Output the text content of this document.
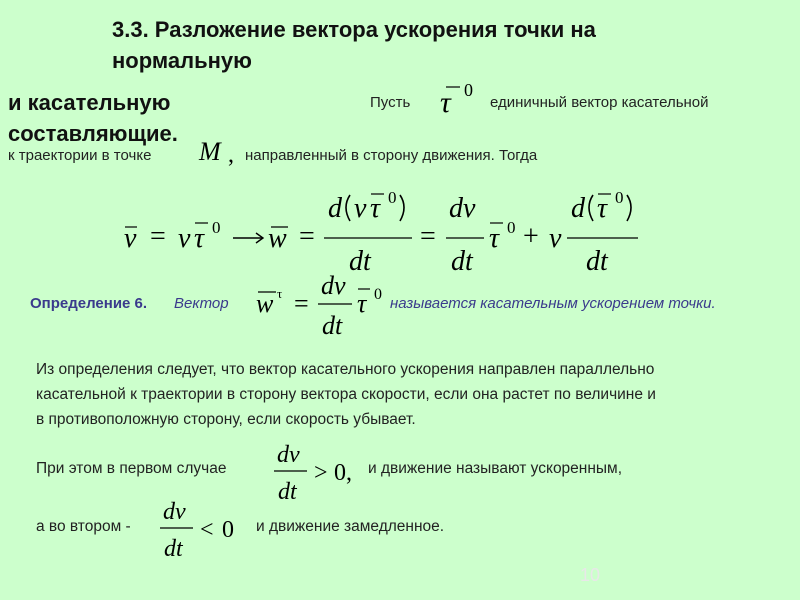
3.3. Разложение вектора ускорения точки на
нормальную
и касательную
составляющие.
Пусть τ 0
единичный вектор касательной
к траектории в точке M , направленный в сторону движения. Тогда
v = v τ 0 w =
d v τ 0
dt
=
dv
dt
τ 0 + v
d τ 0
dt
Определение 6. Вектор w τ =
dv
dt
τ 0
называется касательным ускорением точки.
Из определения следует, что вектор касательного ускорения направлен параллельно
касательной к траектории в сторону вектора скорости, если она растет по величине и
в противоположную сторону, если скорость убывает.
При этом в первом случае
dv
dt
> 0, и движение называют ускоренным,
а во втором -
dv
dt
< 0 и движение замедленное.
10
